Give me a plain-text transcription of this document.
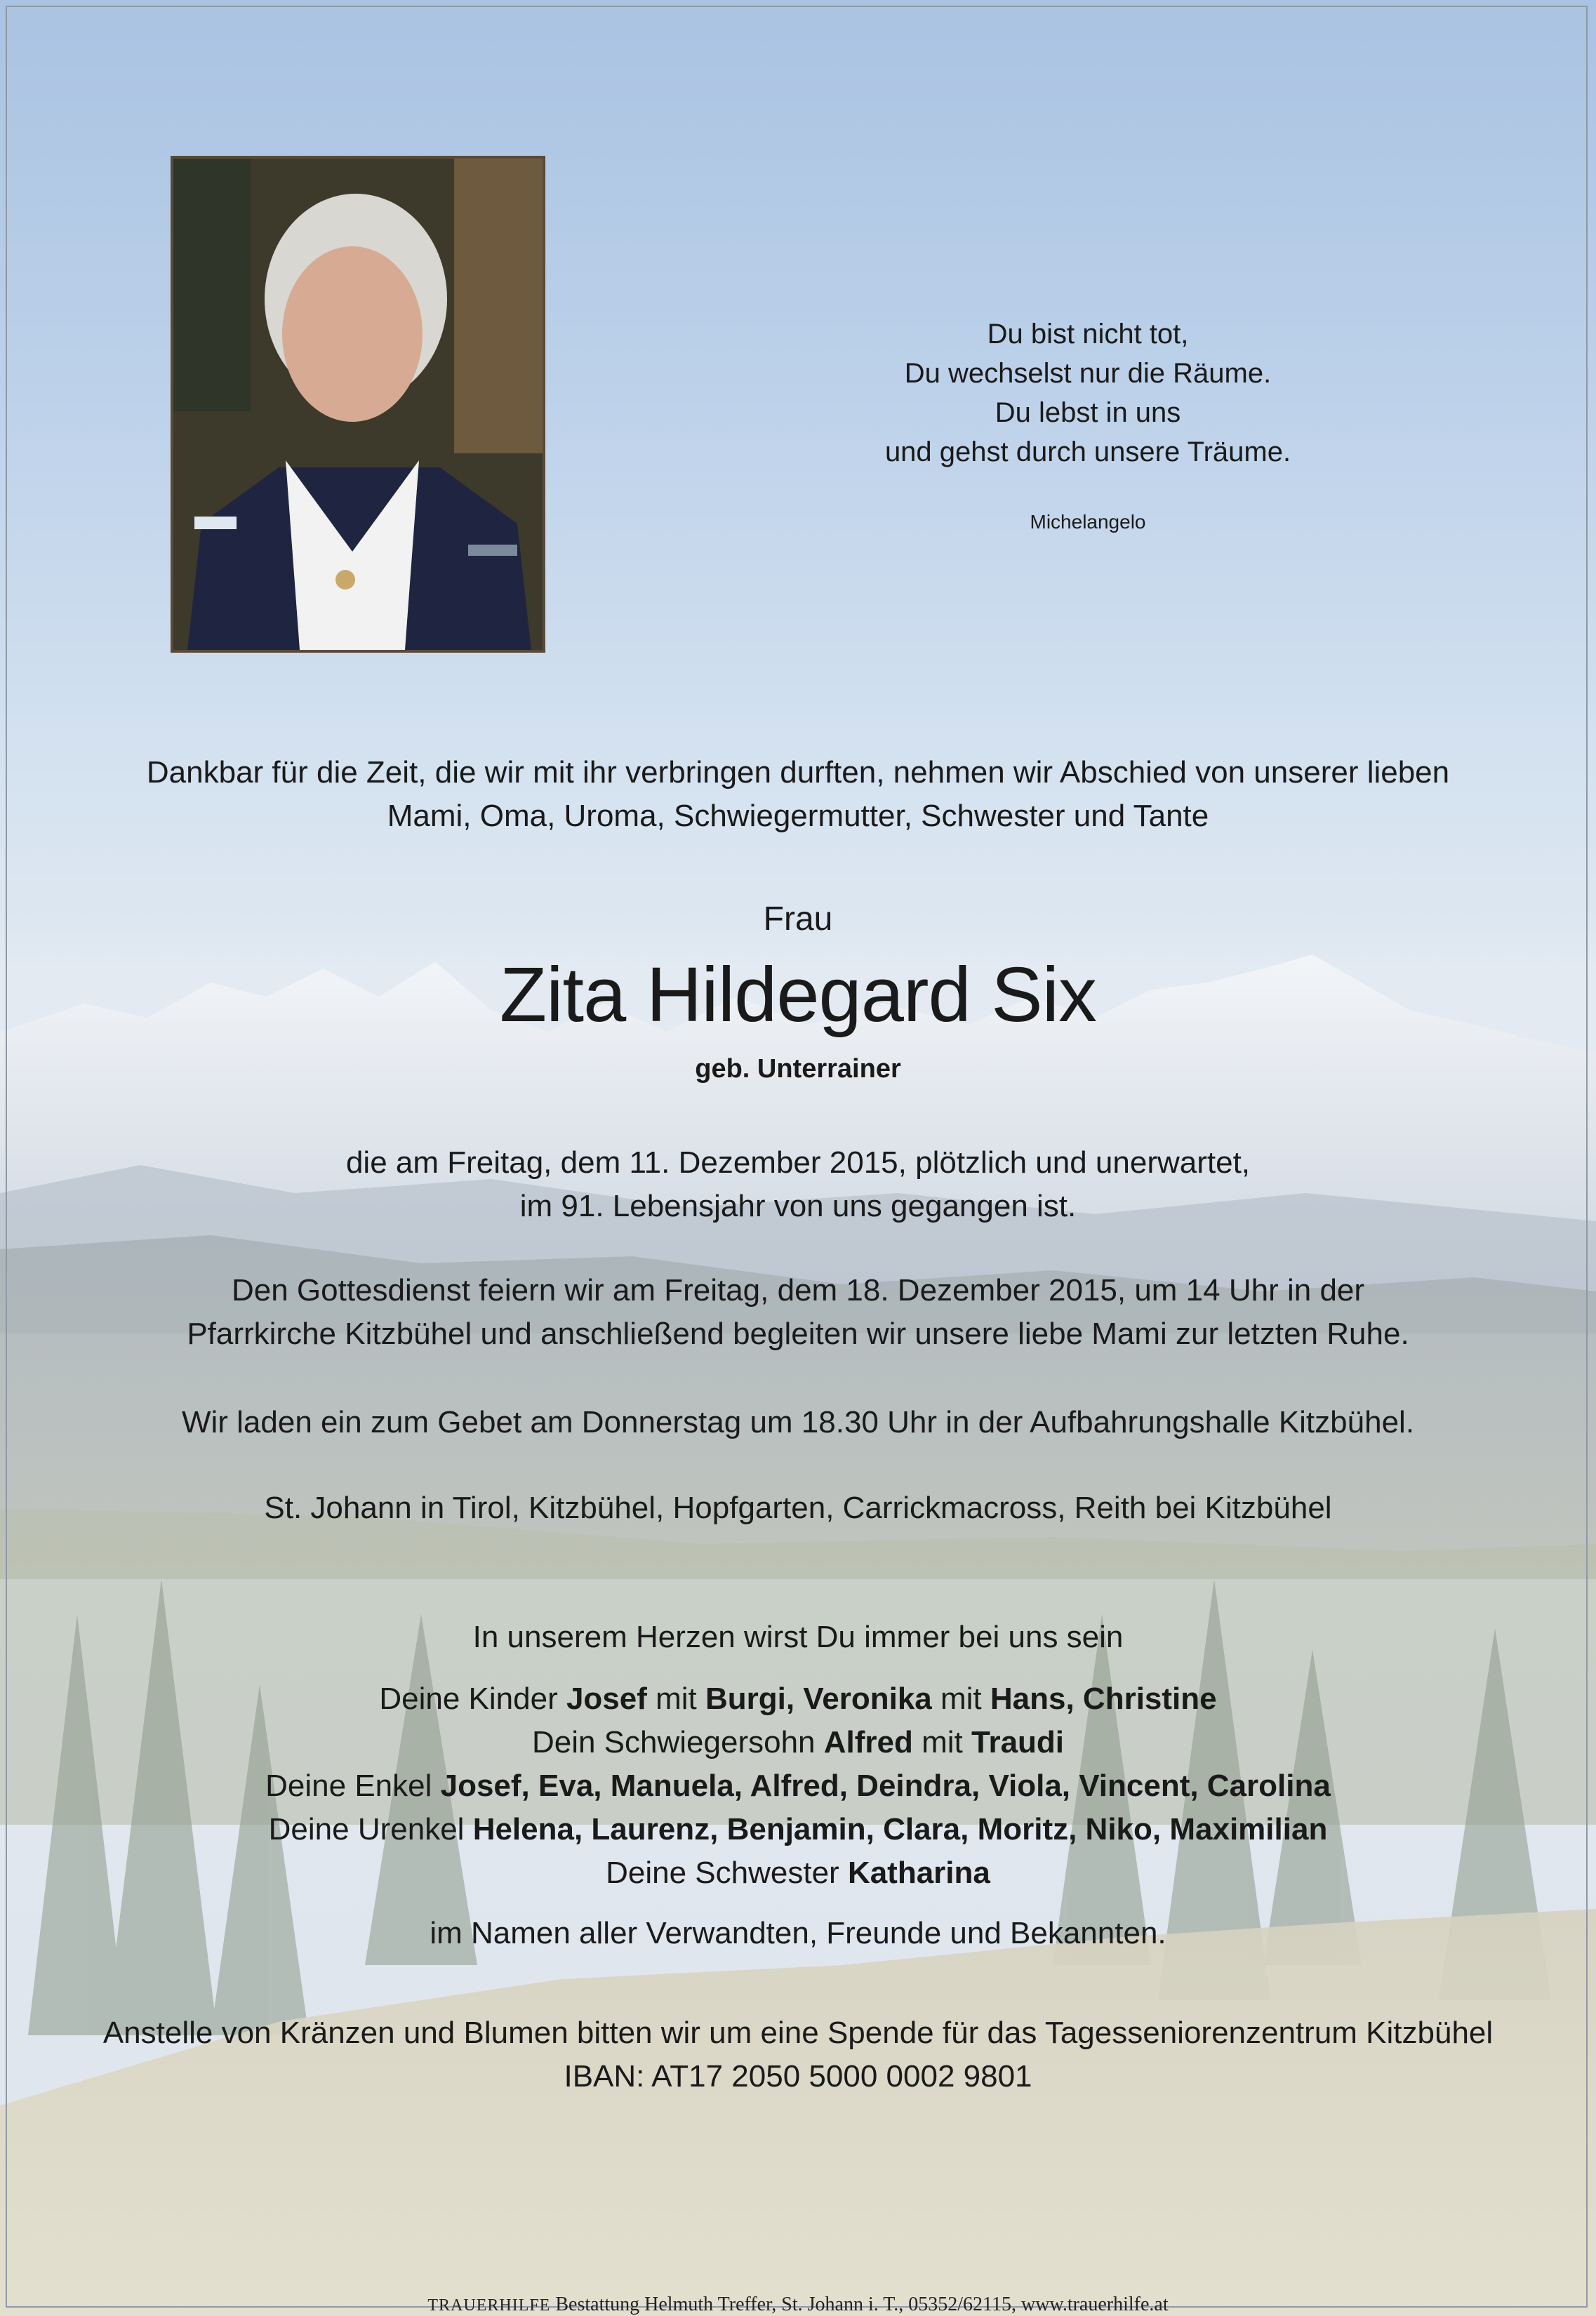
Du bist nicht tot,
Du wechselst nur die Räume.
Du lebst in uns
und gehst durch unsere Träume.
Michelangelo
Dankbar für die Zeit, die wir mit ihr verbringen durften, nehmen wir Abschied von unserer lieben
Mami, Oma, Uroma, Schwiegermutter, Schwester und Tante
Frau
Zita Hildegard Six
geb. Unterrainer
die am Freitag, dem 11. Dezember 2015, plötzlich und unerwartet,
im 91. Lebensjahr von uns gegangen ist.
Den Gottesdienst feiern wir am Freitag, dem 18. Dezember 2015, um 14 Uhr in der
Pfarrkirche Kitzbühel und anschließend begleiten wir unsere liebe Mami zur letzten Ruhe.
Wir laden ein zum Gebet am Donnerstag um 18.30 Uhr in der Aufbahrungshalle Kitzbühel.
St. Johann in Tirol, Kitzbühel, Hopfgarten, Carrickmacross, Reith bei Kitzbühel
In unserem Herzen wirst Du immer bei uns sein
Deine Kinder Josef mit Burgi, Veronika mit Hans, Christine
Dein Schwiegersohn Alfred mit Traudi
Deine Enkel Josef, Eva, Manuela, Alfred, Deindra, Viola, Vincent, Carolina
Deine Urenkel Helena, Laurenz, Benjamin, Clara, Moritz, Niko, Maximilian
Deine Schwester Katharina
im Namen aller Verwandten, Freunde und Bekannten.
Anstelle von Kränzen und Blumen bitten wir um eine Spende für das Tagesseniorenzentrum Kitzbühel
IBAN: AT17 2050 5000 0002 9801
TRAUERHILFE Bestattung Helmuth Treffer, St. Johann i. T., 05352/62115, www.trauerhilfe.at
